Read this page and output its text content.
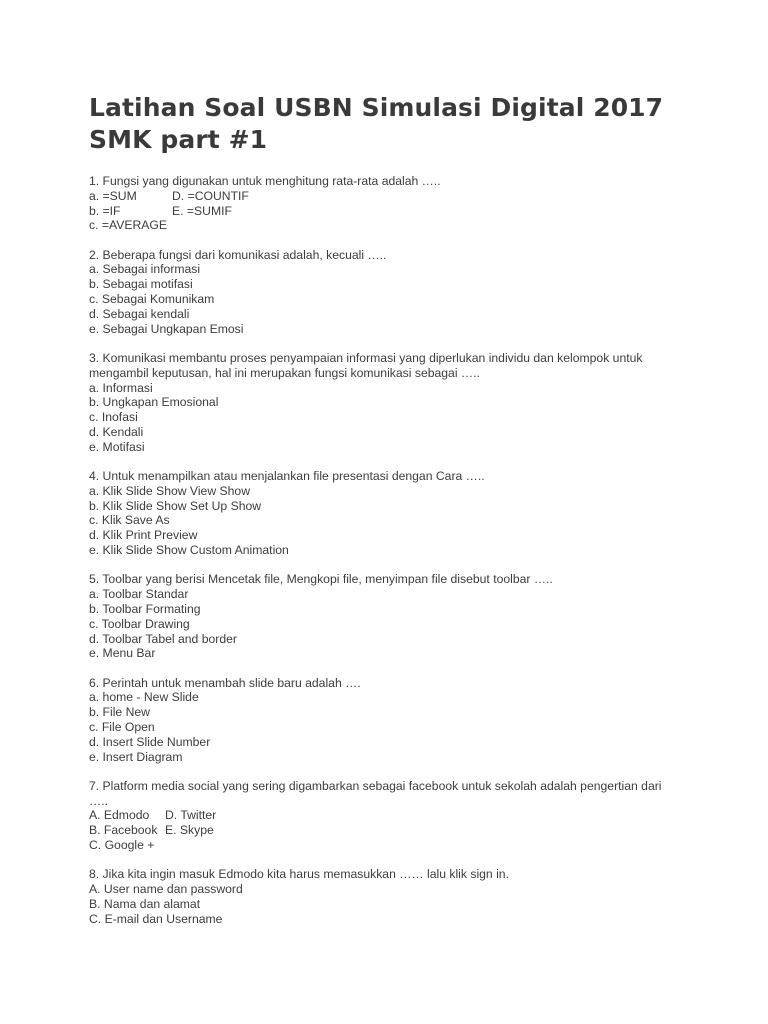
Latihan Soal USBN Simulasi Digital 2017 SMK part #1
1. Fungsi yang digunakan untuk menghitung rata-rata adalah …..
a. =SUM	D. =COUNTIF
b. =IF	E. =SUMIF
c. =AVERAGE
2. Beberapa fungsi dari komunikasi adalah, kecuali …..
a. Sebagai informasi
b. Sebagai motifasi
c. Sebagai Komunikam
d. Sebagai kendali
e. Sebagai Ungkapan Emosi
3. Komunikasi membantu proses penyampaian informasi yang diperlukan individu dan kelompok untuk mengambil keputusan, hal ini merupakan fungsi komunikasi sebagai …..
a. Informasi
b. Ungkapan Emosional
c. Inofasi
d. Kendali
e. Motifasi
4. Untuk menampilkan atau menjalankan file presentasi dengan Cara …..
a. Klik Slide Show View Show
b. Klik Slide Show Set Up Show
c. Klik Save As
d. Klik Print Preview
e. Klik Slide Show Custom Animation
5. Toolbar yang berisi Mencetak file, Mengkopi file, menyimpan file disebut toolbar …..
a. Toolbar Standar
b. Toolbar Formating
c. Toolbar Drawing
d. Toolbar Tabel and border
e. Menu Bar
6. Perintah untuk menambah slide baru adalah ….
a. home - New Slide
b. File New
c. File Open
d. Insert Slide Number
e. Insert Diagram
7. Platform media social yang sering digambarkan sebagai facebook untuk sekolah adalah pengertian dari …..
A. Edmodo	D. Twitter
B. Facebook E. Skype
C. Google +
8. Jika kita ingin masuk Edmodo kita harus memasukkan …… lalu klik sign in.
A. User name dan password
B. Nama dan alamat
C. E-mail dan Username
